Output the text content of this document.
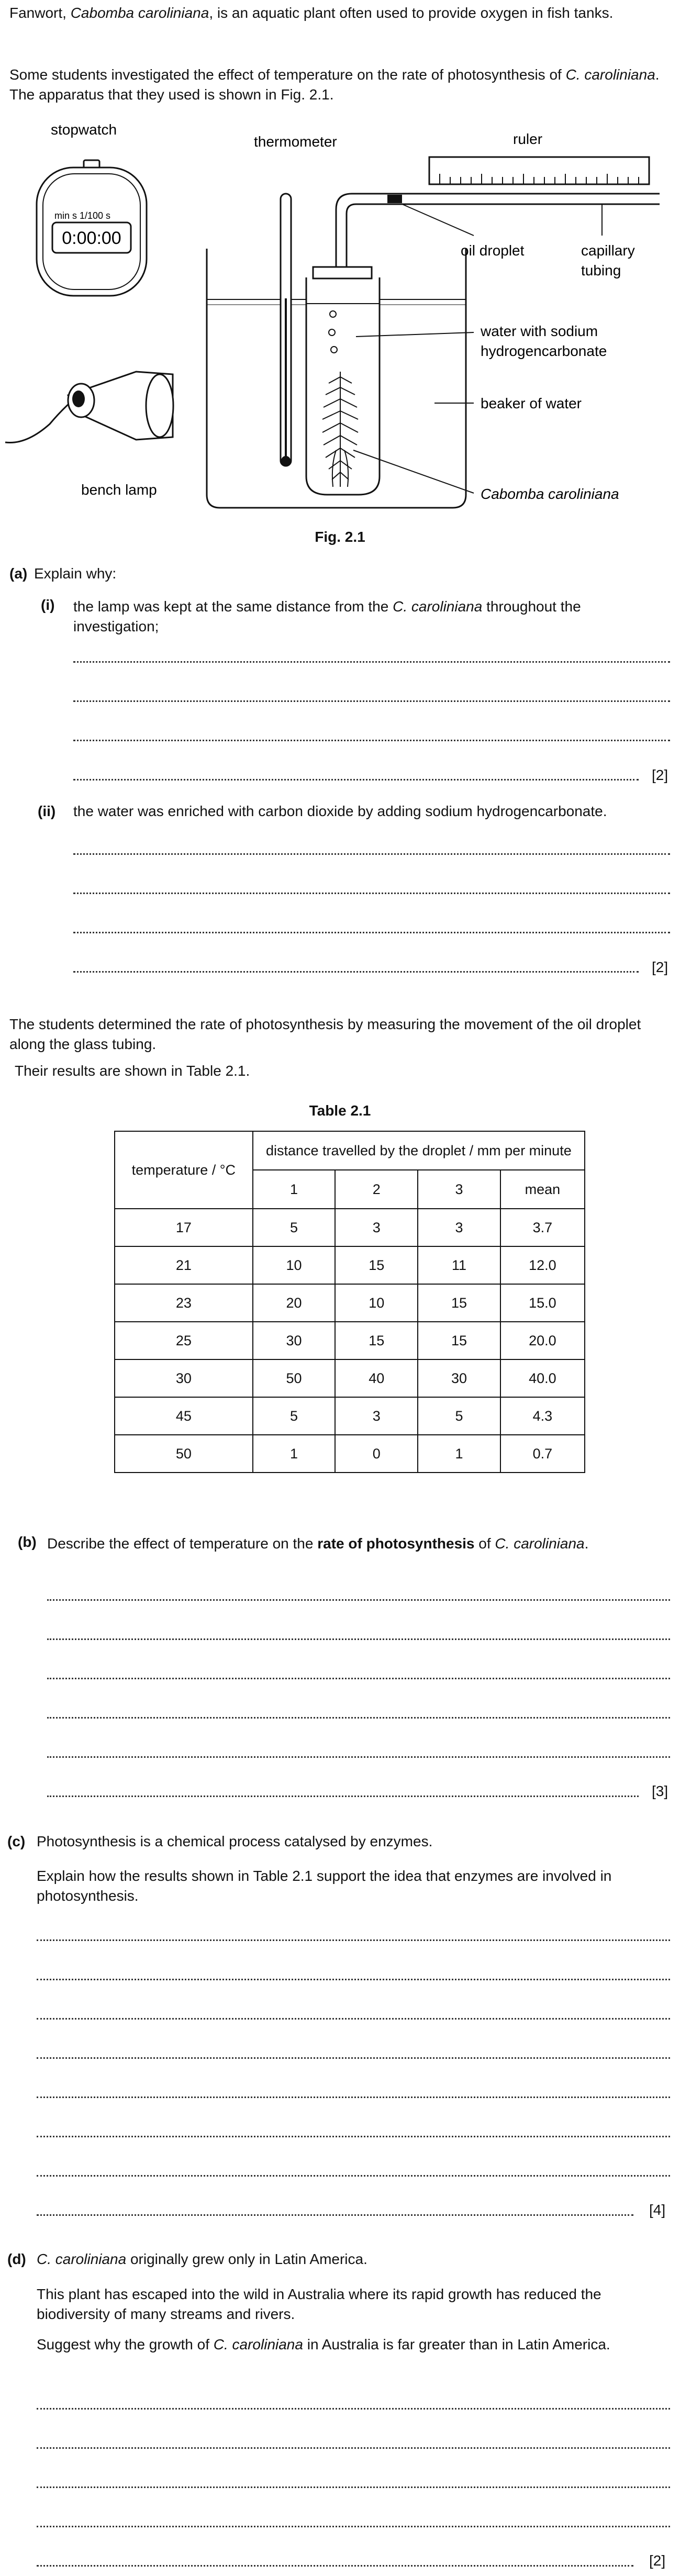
Fanwort, Cabomba caroliniana, is an aquatic plant often used to provide oxygen in fish tanks.

Some students investigated the effect of temperature on the rate of photosynthesis of C. caroliniana. The apparatus that they used is shown in Fig. 2.1.

min s 1/100 s
0:00:00
stopwatch
thermometer	ruler
oil droplet	capillary
tubing
water with sodium
hydrogencarbonate
beaker of water
Cabomba caroliniana
bench lamp
Fig. 2.1
(a) Explain why:
(i) the lamp was kept at the same distance from the C. caroliniana throughout the investigation;

[2]
(ii) the water was enriched with carbon dioxide by adding sodium hydrogencarbonate.
[2]

The students determined the rate of photosynthesis by measuring the movement of the oil droplet along the glass tubing.

Their results are shown in Table 2.1.
Table 2.1
temperature / °C	distance travelled by the droplet / mm per minute			
	1	2	3	mean
17	5	3	3	3.7
21	10	15	11	12.0
23	20	10	15	15.0
25	30	15	15	20.0
30	50	40	30	40.0
45	5	3	5	4.3
50	1	0	1	0.7
(b) Describe the effect of temperature on the rate of photosynthesis of C. caroliniana.

[3]
(c) Photosynthesis is a chemical process catalysed by enzymes.

Explain how the results shown in Table 2.1 support the idea that enzymes are involved in photosynthesis.

[4]
(d) C. caroliniana originally grew only in Latin America.

This plant has escaped into the wild in Australia where its rapid growth has reduced the biodiversity of many streams and rivers.

Suggest why the growth of C. caroliniana in Australia is far greater than in Latin America.

[2]
